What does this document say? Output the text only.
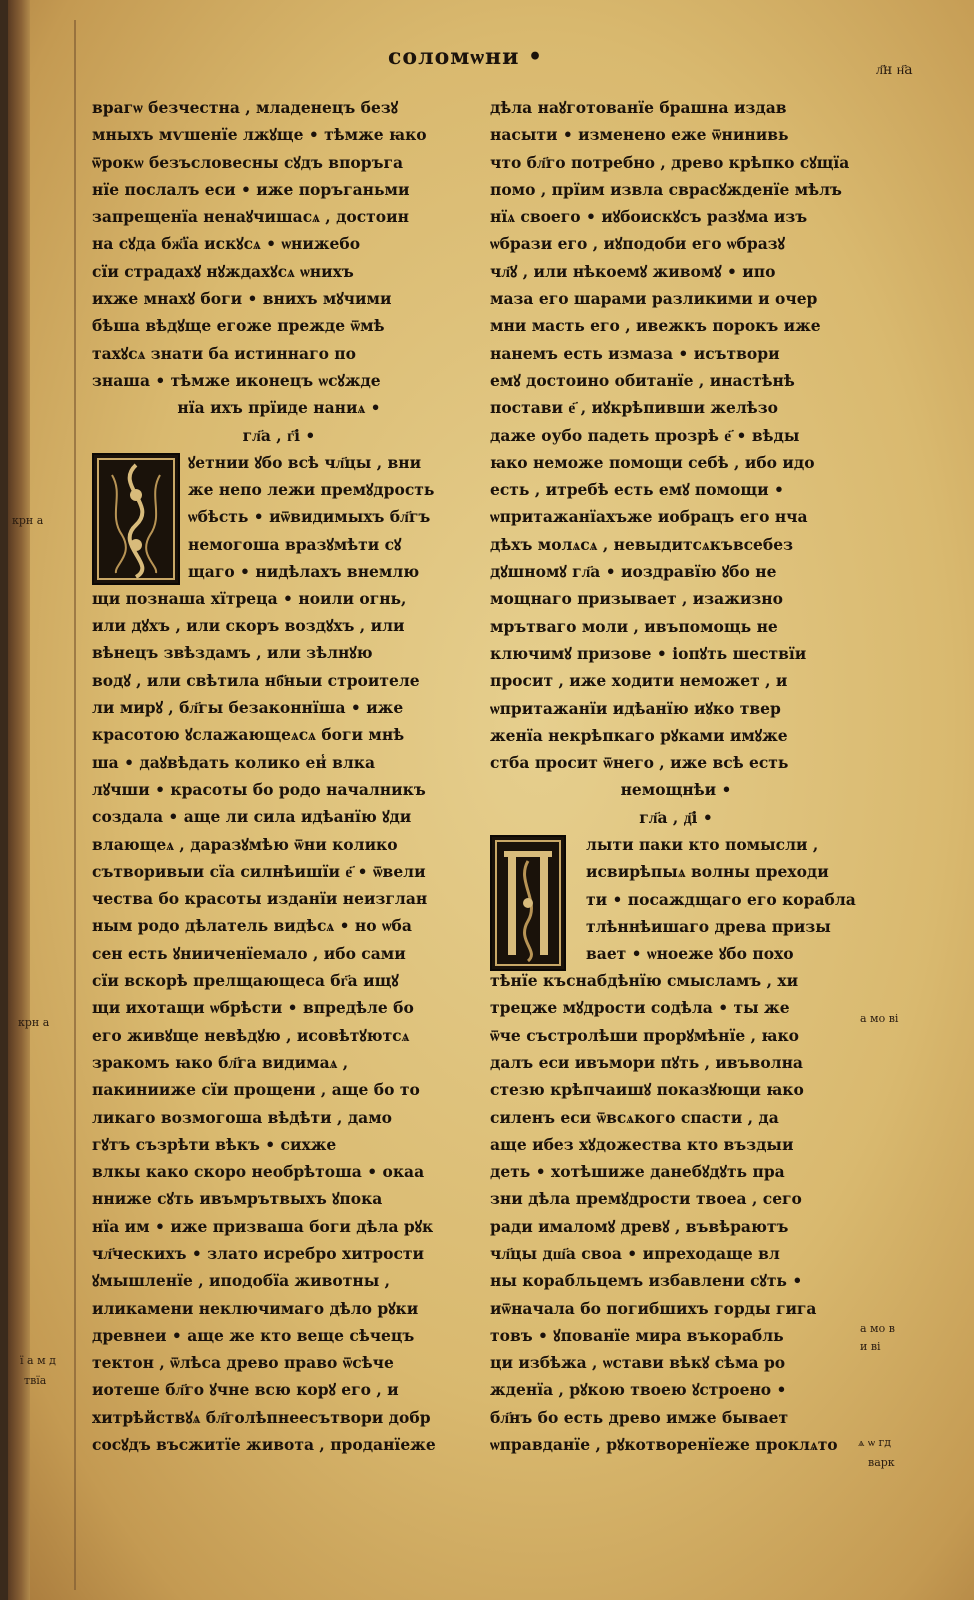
соломѡни •	л҃н н҃а
врагѡ безчестна , младенецъ безꙋ
мныхъ мѵшенїе лжꙋще • тѣмже ꙗко
ѿрокѡ безъсловесны сꙋдъ впоръга
нїе послалъ еси • иже поръганьми
запрещенїа ненаꙋчишасѧ , достоин
на сꙋда бж҃їа искꙋсѧ • ѡнижебо
сїи страдахꙋ нꙋждахꙋсѧ ѡнихъ
ихже мнахꙋ боги • внихъ мꙋчими
бѣша вѣдꙋще егоже прежде ѿмѣ
тахꙋсѧ знати ба истиннаго по
знаша • тѣмже иконецъ ѡсꙋжде
нїа ихъ прїиде наниѧ •
гл҃а , г҃і •
ꙋетнии ꙋбо всѣ чл҃цы , вни
же непо лежи премꙋдрость
ѡбѣсть • иѿвидимыхъ бл҃гъ
немогоша вразꙋмѣти сꙋ
щаго • нидѣлахъ внемлю
щи познаша хїтреца • ноили огнь,
или дꙋхъ , или скоръ воздꙋхъ , или
вѣнецъ звѣздамъ , или зѣлнꙋю
водꙋ , или свѣтила нб҃ныи строителе
ли мирꙋ , бл҃гы безаконнїша • иже
красотою ꙋслажающеѧсѧ боги мнѣ
ша • даꙋвѣдать колико ен̾ влка
лꙋчши • красоты бо родо началникъ
создала • аще ли сила идѣанїю ꙋди
влающеѧ , даразꙋмѣю ѿни колико
сътворивыи сїа силнѣишїи е҃ • ѿвели
чества бо красоты изданїи неизглан
ным родо дѣлатель видѣсѧ • но ѡба
сен есть ꙋнииченїемало , ибо сами
сїи вскорѣ прелщающеса бг҃а ищꙋ
щи ихотащи ѡбрѣсти • впредѣле бо
его живꙋще невѣдꙋю , исовѣтꙋютсѧ
зракомъ ꙗко бл҃га видимаѧ ,
пакинииже сїи прощени , аще бо то
ликаго возмогоша вѣдѣти , дамо
гꙋтъ съзрѣти вѣкъ • сихже
влкы како скоро необрѣтоша • окаа
нниже сꙋть ивъмрътвыхъ ꙋпока
нїа им • иже призваша боги дѣла рꙋк
чл҃ческихъ • злато исребро хитрости
ꙋмышленїе , иподобїа животны ,
иликамени неключимаго дѣло рꙋки
древнеи • аще же кто веще сѣчецъ
тектон , ѿлѣса древо право ѿсѣче
иотеше бл҃го ꙋчне всю корꙋ его , и
хитрѣйствꙋѧ бл҃голѣпнеесътвори добр
сосꙋдъ въсжитїе живота , проданїеже
дѣла наꙋготованїе брашна издав
насыти • изменено еже ѿнинивь
что бл҃го потребно , древо крѣпко сꙋщїа
помо , прїим извла сврасꙋжденїе мѣлъ
нїѧ своего • иꙋбоискꙋсъ разꙋма изъ
ѡбрази его , иꙋподоби его ѡбразꙋ
чл҃ꙋ , или нѣкоемꙋ живомꙋ • ипо
маза его шарами разликими и очер
мни масть его , ивежкъ порокъ иже
нанемъ есть измаза • исътвори
емꙋ достоино обитанїе , инастѣнѣ
постави е҃ , иꙋкрѣпивши желѣзо
даже оубо падеть прозрѣ е҃ • вѣды
ꙗко неможе помощи себѣ , ибо идо
есть , итребѣ есть емꙋ помощи •
ѡпритажанїахъже иобрацъ его нча
дѣхъ молѧсѧ , невыдитсѧкъвсебез
дꙋшномꙋ гл҃а • иоздравїю ꙋбо не
мощнаго призывает , изажизно
мрътваго моли , ивъпомощь не
ключимꙋ призове • іопꙋть шествїи
просит , иже ходити неможет , и
ѡпритажанїи идѣанїю иꙋко твер
женїа некрѣпкаго рꙋками имꙋже
стба просит ѿнего , иже всѣ есть
немощнѣи •
гл҃а , д҃і •
лыти паки кто помысли ,
исвирѣпыѧ волны преходи
ти • посаждщаго его корабла
тлѣннѣишаго древа призы
вает • ѡноеже ꙋбо похо
тѣнїе къснабдѣнїю смысламъ , хи
трецже мꙋдрости содѣла • ты же
ѿче състролѣши прорꙋмѣнїе , ꙗко
далъ еси ивъмори пꙋть , ивъволна
стезю крѣпчаишꙋ показꙋющи ꙗко
силенъ еси ѿвсѧкого спасти , да
аще ибез хꙋдожества кто въздыи
деть • хотѣшиже данебꙋдꙋть пра
зни дѣла премꙋдрости твоеа , сего
ради ималомꙋ древꙋ , въвѣраютъ
чл҃цы дш҃а своа • ипреходаще вл
ны корабльцемъ избавлени сꙋть •
иѿначала бо погибшихъ горды гига
товъ • ꙋпованїе мира въкорабль
ци избѣжа , ѡстави вѣкꙋ сѣма ро
жденїа , рꙋкою твоею ꙋстроено •
бл҃нъ бо есть древо имже бывает
ѡправданїе , рꙋкотворенїеже проклѧто
крн а
крн а
ї а м д
твїа
а мо ві
а мо в
и ві
ѧ ѡ гд
варк
